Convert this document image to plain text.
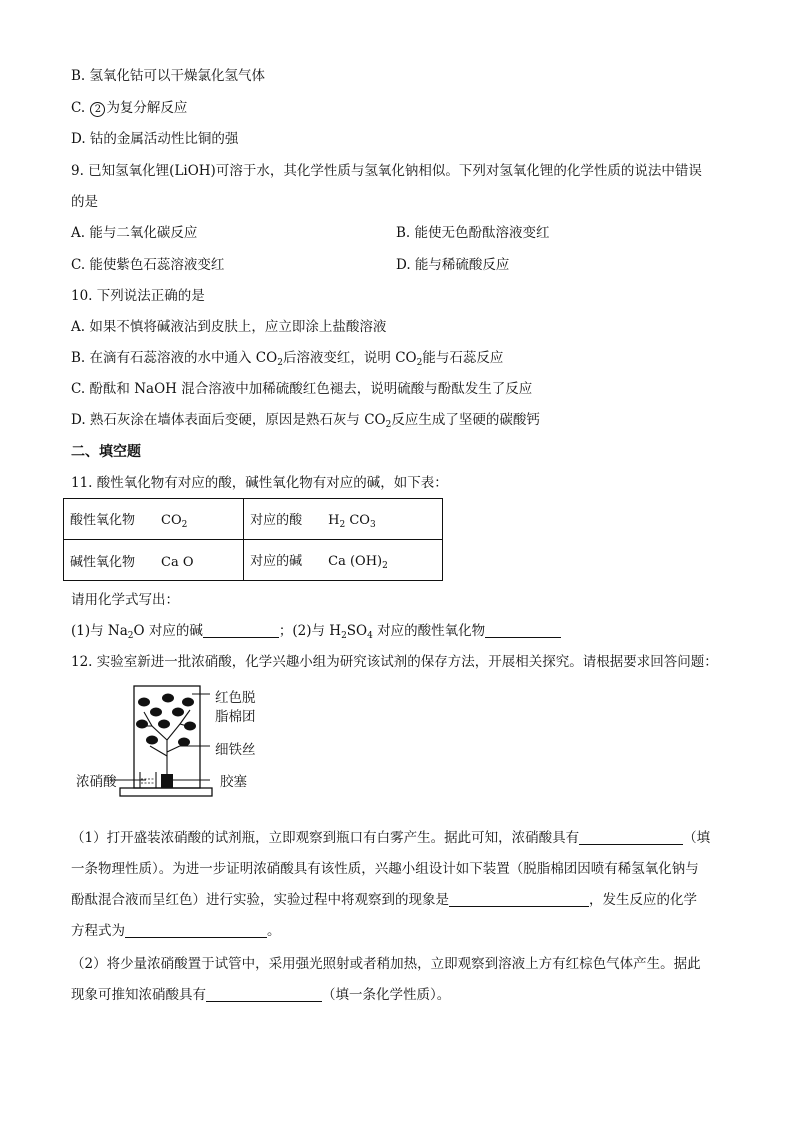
B. 氢氧化钴可以干燥氯化氢气体
C. 2 为复分解反应
D. 钴的金属活动性比铜的强
9. 已知氢氧化锂(LiOH)可溶于水，其化学性质与氢氧化钠相似。下列对氢氧化锂的化学性质的说法中错误
的是
A. 能与二氧化碳反应	B. 能使无色酚酞溶液变红
C. 能使紫色石蕊溶液变红	D. 能与稀硫酸反应
10. 下列说法正确的是
A. 如果不慎将碱液沾到皮肤上，应立即涂上盐酸溶液
B. 在滴有石蕊溶液的水中通入 $CO_2$后溶液变红，说明 $CO_2$能与石蕊反应
C. 酚酞和 NaOH 混合溶液中加稀硫酸红色褪去，说明硫酸与酚酞发生了反应
D. 熟石灰涂在墙体表面后变硬，原因是熟石灰与 $CO_2$反应生成了坚硬的碳酸钙
二、填空题
11. 酸性氧化物有对应的酸，碱性氧化物有对应的碱，如下表：
酸性氧化物 $CO_2$	对应的酸 $H_2$ $CO_3$
碱性氧化物 Ca O	对应的碱 Ca $(OH)_2$
请用化学式写出：
(1)与 $Na_2O$ 对应的碱	；(2)与 $H_2SO_4$ 对应的酸性氧化物
12. 实验室新进一批浓硝酸，化学兴趣小组为研究该试剂的保存方法，开展相关探究。请根据要求回答问题：
红色脱
脂棉团
细铁丝
胶塞
浓硝酸
（1）打开盛装浓硝酸的试剂瓶，立即观察到瓶口有白雾产生。据此可知，浓硝酸具有	（填
一条物理性质）。为进一步证明浓硝酸具有该性质，兴趣小组设计如下装置（脱脂棉团因喷有稀氢氧化钠与
酚酞混合液而呈红色）进行实验，实验过程中将观察到的现象是	，发生反应的化学
方程式为	。
（2）将少量浓硝酸置于试管中，采用强光照射或者稍加热，立即观察到溶液上方有红棕色气体产生。据此
现象可推知浓硝酸具有	（填一条化学性质）。
